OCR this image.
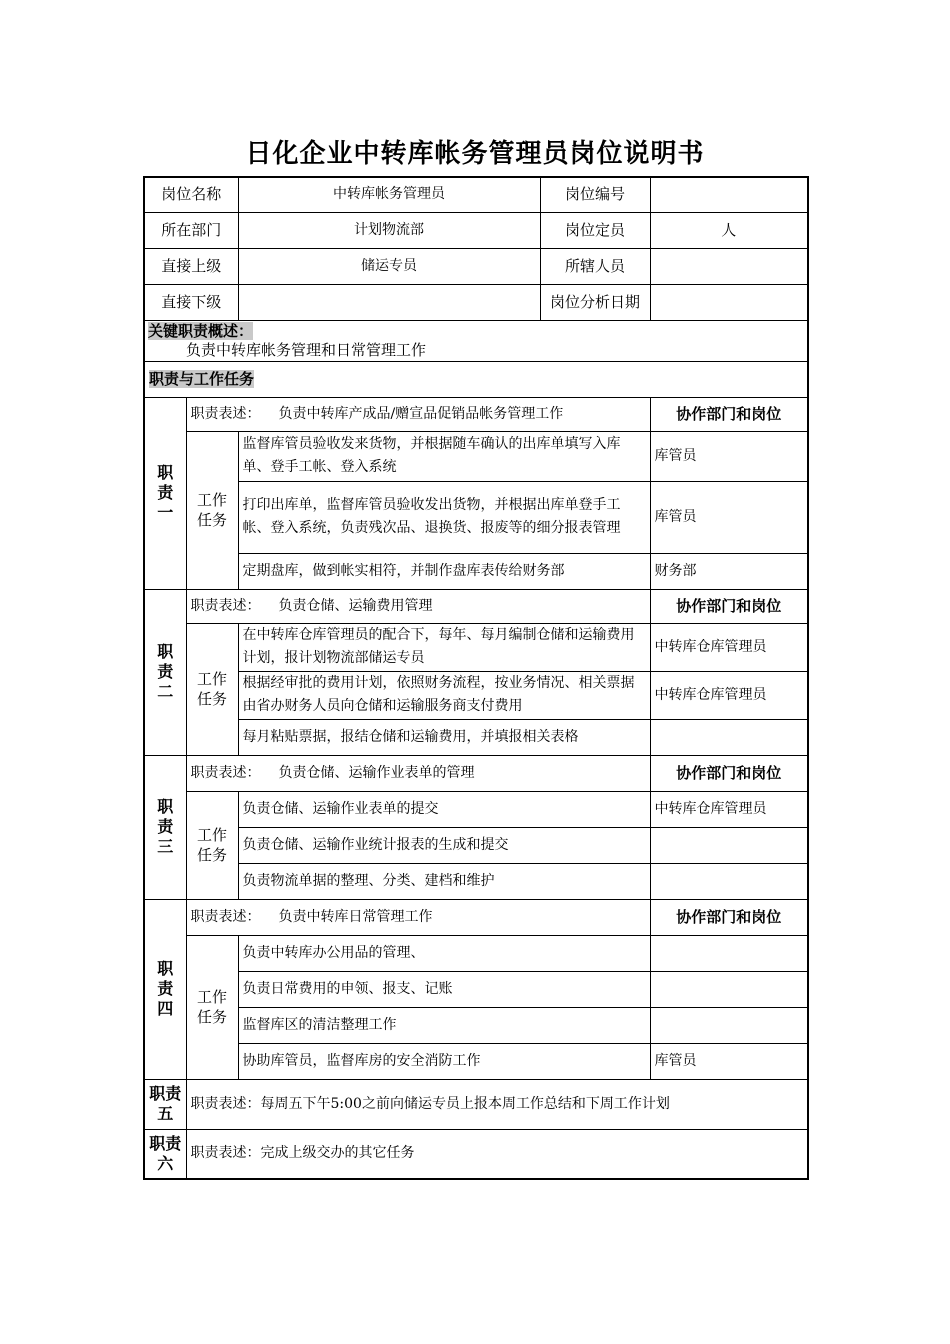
日化企业中转库帐务管理员岗位说明书
岗位名称		中转库帐务管理员	岗位编号	
所在部门		计划物流部	岗位定员	人
直接上级		储运专员	所辖人员	
直接下级			岗位分析日期	
关键职责概述：
负责中转库帐务管理和日常管理工作				

职责与工作任务				
职
责
一	职责表述： 负责中转库产成品/赠宣品促销品帐务管理工作			协作部门和岗位
	工作
任务	监督库管员验收发来货物，并根据随车确认的出库单填写入库单、登手工帐、登入系统		库管员
		打印出库单，监督库管员验收发出货物，并根据出库单登手工帐、登入系统，负责残次品、退换货、报废等的细分报表管理		库管员
		定期盘库，做到帐实相符，并制作盘库表传给财务部		财务部
职
责
二	职责表述： 负责仓储、运输费用管理			协作部门和岗位
	工作
任务	在中转库仓库管理员的配合下，每年、每月编制仓储和运输费用计划，报计划物流部储运专员		中转库仓库管理员
		根据经审批的费用计划，依照财务流程，按业务情况、相关票据由省办财务人员向仓储和运输服务商支付费用		中转库仓库管理员
		每月粘贴票据，报结仓储和运输费用，并填报相关表格		
职
责
三	职责表述： 负责仓储、运输作业表单的管理			协作部门和岗位
	工作
任务	负责仓储、运输作业表单的提交		中转库仓库管理员
		负责仓储、运输作业统计报表的生成和提交		
		负责物流单据的整理、分类、建档和维护		
职
责
四	职责表述： 负责中转库日常管理工作			协作部门和岗位
	工作
任务	负责中转库办公用品的管理、		
		负责日常费用的申领、报支、记账		
		监督库区的清洁整理工作		
		协助库管员，监督库房的安全消防工作		库管员
职责
五	职责表述：每周五下午5:00之前向储运专员上报本周工作总结和下周工作计划			
职责
六	职责表述：完成上级交办的其它任务			
